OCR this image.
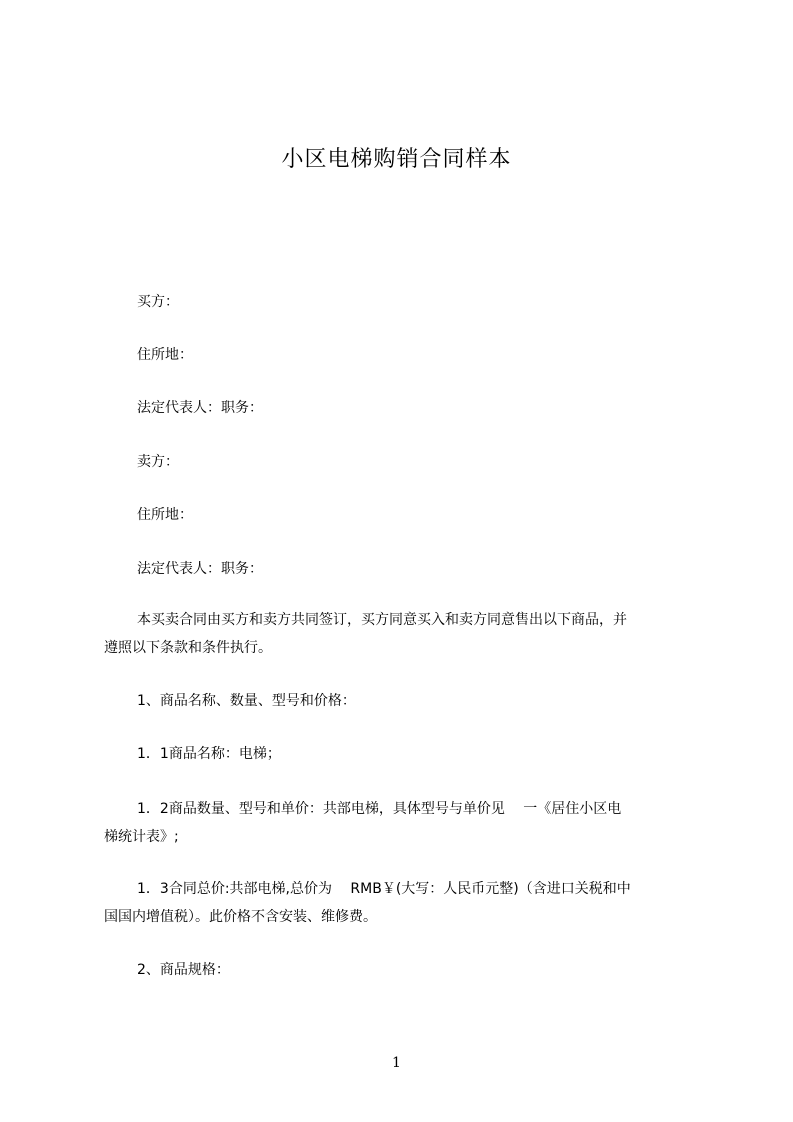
小区电梯购销合同样本
买方：
住所地：
法定代表人：职务：
卖方：
住所地：
法定代表人：职务：
本买卖合同由买方和卖方共同签订，买方同意买入和卖方同意售出以下商品，并
遵照以下条款和条件执行。
1、商品名称、数量、型号和价格：
1．1商品名称：电梯；
1．2商品数量、型号和单价：共部电梯，具体型号与单价见　 一《居住小区电
梯统计表》;
1．3合同总价:共部电梯,总价为　 RMB￥(大写：人民币元整)（含进口关税和中
国国内增值税）。此价格不含安装、维修费。
2、商品规格：
1
